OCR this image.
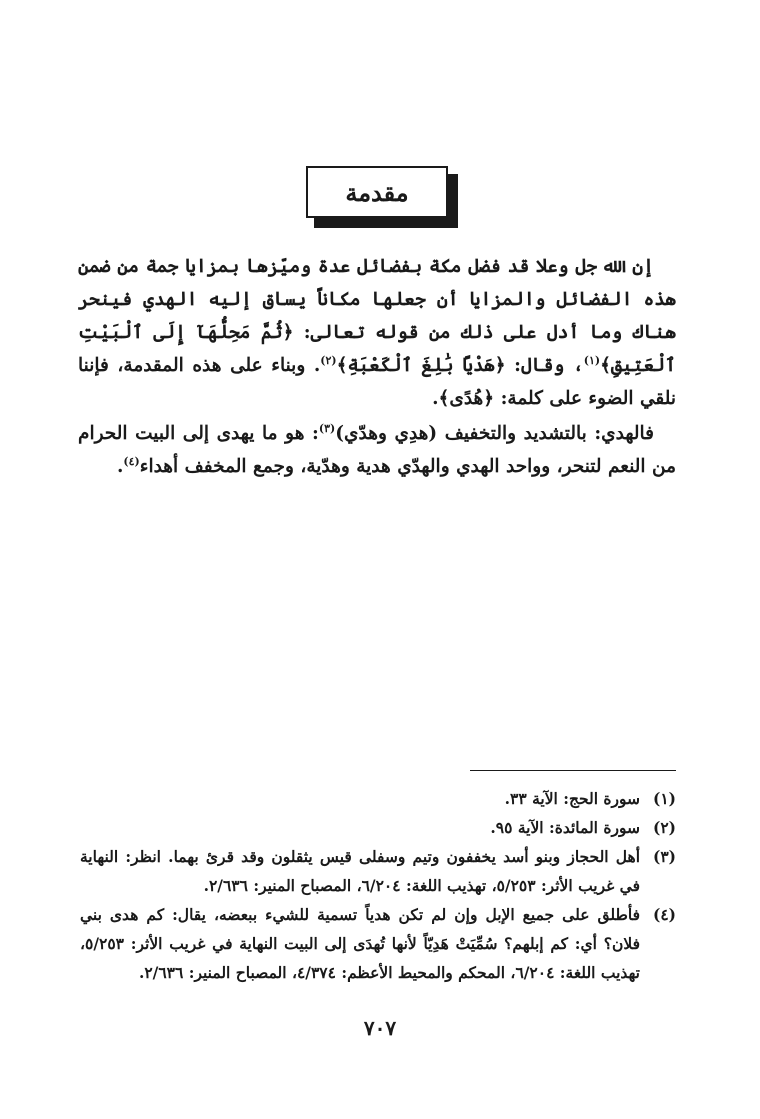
مقدمة

إن الله جل وعلا قد فضل مكة بفضائل عدة وميّزها بمزايا جمة من ضمن هذه الفضائل والمزايا أن جعلها مكاناً يساق إليه الهدي فينحر هناك وما أدل على ذلك من قوله تعالى: ﴿ثُمَّ مَحِلُّهَآ إِلَى ٱلْبَيْتِ ٱلْعَتِيقِ﴾$^{(١)}$، وقال: ﴿هَدْيًا بَٰلِغَ ٱلْكَعْبَةِ﴾$^{(٢)}$. وبناء على هذه المقدمة، فإننا نلقي الضوء على كلمة: ﴿هُدًى﴾.

فالهدي: بالتشديد والتخفيف (هدِي وهدّي)$^{(٣)}$: هو ما يهدى إلى البيت الحرام من النعم لتنحر، وواحد الهدي والهدّي هدية وهدّية، وجمع المخفف أهداء$^{(٤)}$.

(١)
سورة الحج: الآية ٣٣.
(٢)
سورة المائدة: الآية ٩٥.
(٣)
أهل الحجاز وبنو أسد يخففون وتيم وسفلى قيس يثقلون وقد قرئ بهما. انظر: النهاية في غريب الأثر: ٥/٢٥٣، تهذيب اللغة: ٦/٢٠٤، المصباح المنير: ٢/٦٣٦.
(٤)
فأطلق على جميع الإبل وإن لم تكن هدياً تسمية للشيء ببعضه، يقال: كم هدى بني فلان؟ أي: كم إبلهم؟ سُمِّيَتْ هَدِيّاً لأنها تُهدَى إلى البيت النهاية في غريب الأثر: ٥/٢٥٣، تهذيب اللغة: ٦/٢٠٤، المحكم والمحيط الأعظم: ٤/٣٧٤، المصباح المنير: ٢/٦٣٦.
٧٠٧
